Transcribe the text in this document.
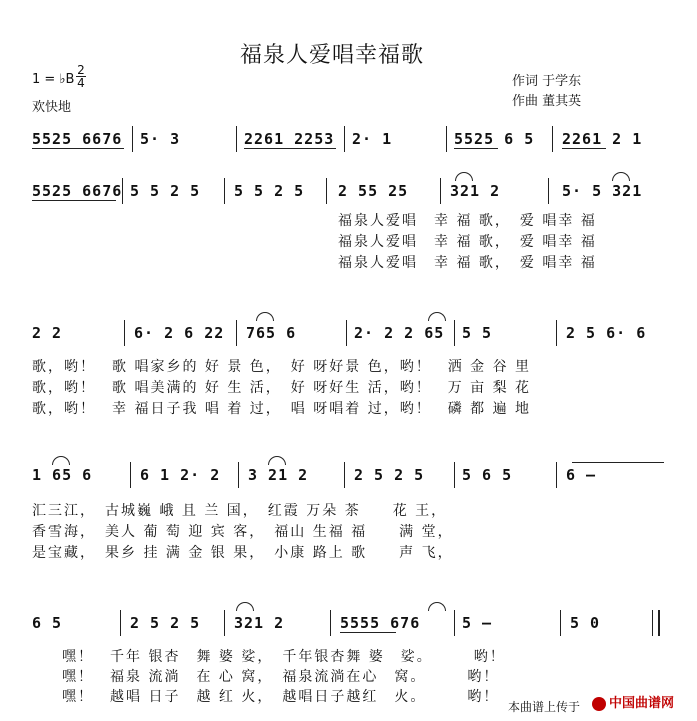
福泉人爱唱幸福歌
1 = ♭B
2
4
欢快地
作词 于学东
作曲 董其英
5525 6676 5· 3	2261 2253 2· 1	5525 6 5 2261 2 1
5525 6676 5 5 2 5 5 5 2 5 2 55 25	321 2	5· 5 321
福泉人爱唱　幸 福 歌，　爱 唱幸 福
福泉人爱唱　幸 福 歌，　爱 唱幸 福
福泉人爱唱　幸 福 歌，　爱 唱幸 福
2 2	6· 2 6 22 765 6	2· 2 2 65 5 5	2 5 6· 6
歌，哟！　歌 唱家乡的 好 景 色，　好 呀好景 色，哟！　洒 金 谷 里
歌，哟！　歌 唱美满的 好 生 活，　好 呀好生 活，哟！　万 亩 梨 花
歌，哟！　幸 福日子我 唱 着 过，　唱 呀唱着 过，哟！　磷 都 遍 地
1 65 6	6 1 2· 2 3 21 2	2 5 2 5	5 6 5	6 –
汇三江，　古城巍 峨 且 兰 国，　红霞 万朵 茶　　花 王，
香雪海，　美人 葡 萄 迎 宾 客，　福山 生福 福　　满 堂，
是宝藏，　果乡 挂 满 金 银 果，　小康 路上 歌　　声 飞，
6 5	2 5 2 5 321 2	5555 676	5 –	5 0
嘿！　千年 银杏　舞 婆 娑，　千年银杏舞 婆　娑。　　　哟！
嘿！　福泉 流淌　在 心 窝，　福泉流淌在心　窝。　　　哟！
嘿！　越唱 日子　越 红 火，　越唱日子越红　火。　　　哟！
本曲谱上传于	中国曲谱网
